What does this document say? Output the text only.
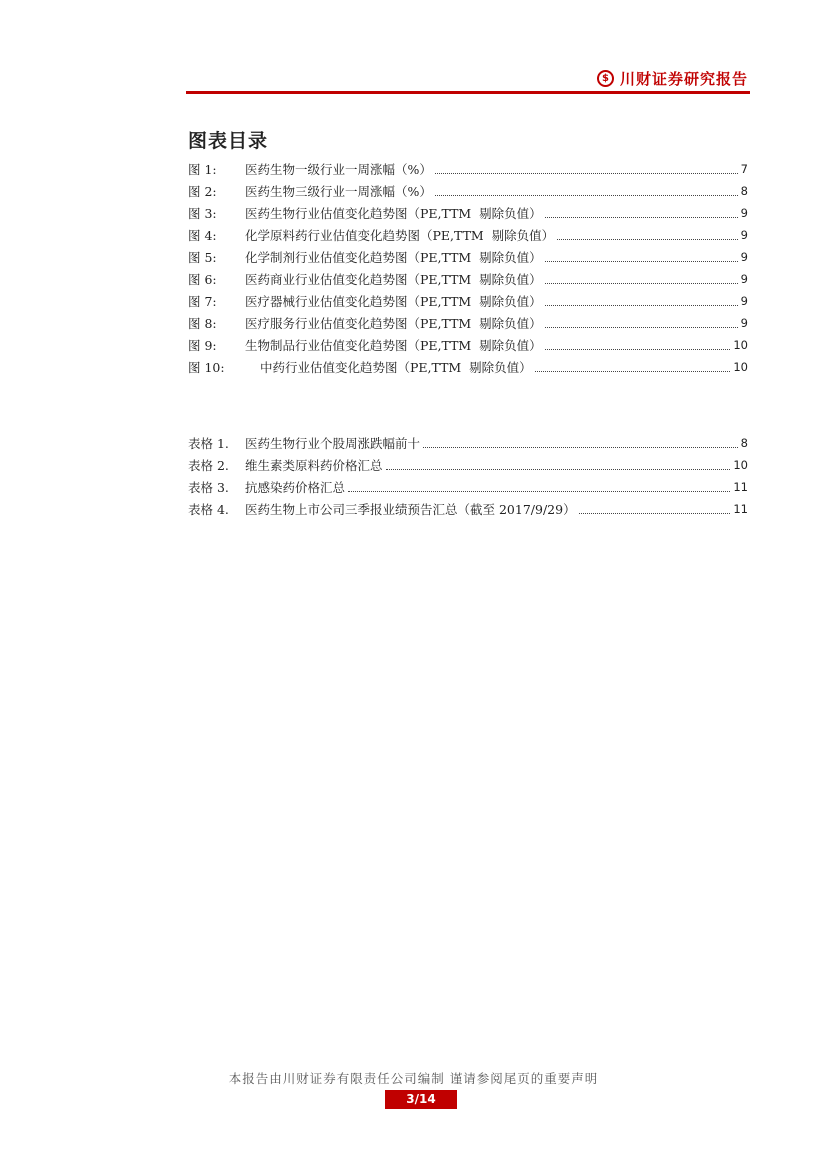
$ 川财证券研究报告
图表目录
图 1:	医药生物一级行业一周涨幅（%）	7
图 2:	医药生物三级行业一周涨幅（%）	8
图 3:	医药生物行业估值变化趋势图（PE,TTM  剔除负值）	9
图 4:	化学原料药行业估值变化趋势图（PE,TTM  剔除负值）	9
图 5:	化学制剂行业估值变化趋势图（PE,TTM  剔除负值）	9
图 6:	医药商业行业估值变化趋势图（PE,TTM  剔除负值）	9
图 7:	医疗器械行业估值变化趋势图（PE,TTM  剔除负值）	9
图 8:	医疗服务行业估值变化趋势图（PE,TTM  剔除负值）	9
图 9:	生物制品行业估值变化趋势图（PE,TTM  剔除负值）	10
图 10:	中药行业估值变化趋势图（PE,TTM  剔除负值）	10
表格 1.	医药生物行业个股周涨跌幅前十	8
表格 2.	维生素类原料药价格汇总	10
表格 3.	抗感染药价格汇总	11
表格 4.	医药生物上市公司三季报业绩预告汇总（截至 2017/9/29）	11
本报告由川财证券有限责任公司编制 谨请参阅尾页的重要声明
3/14
